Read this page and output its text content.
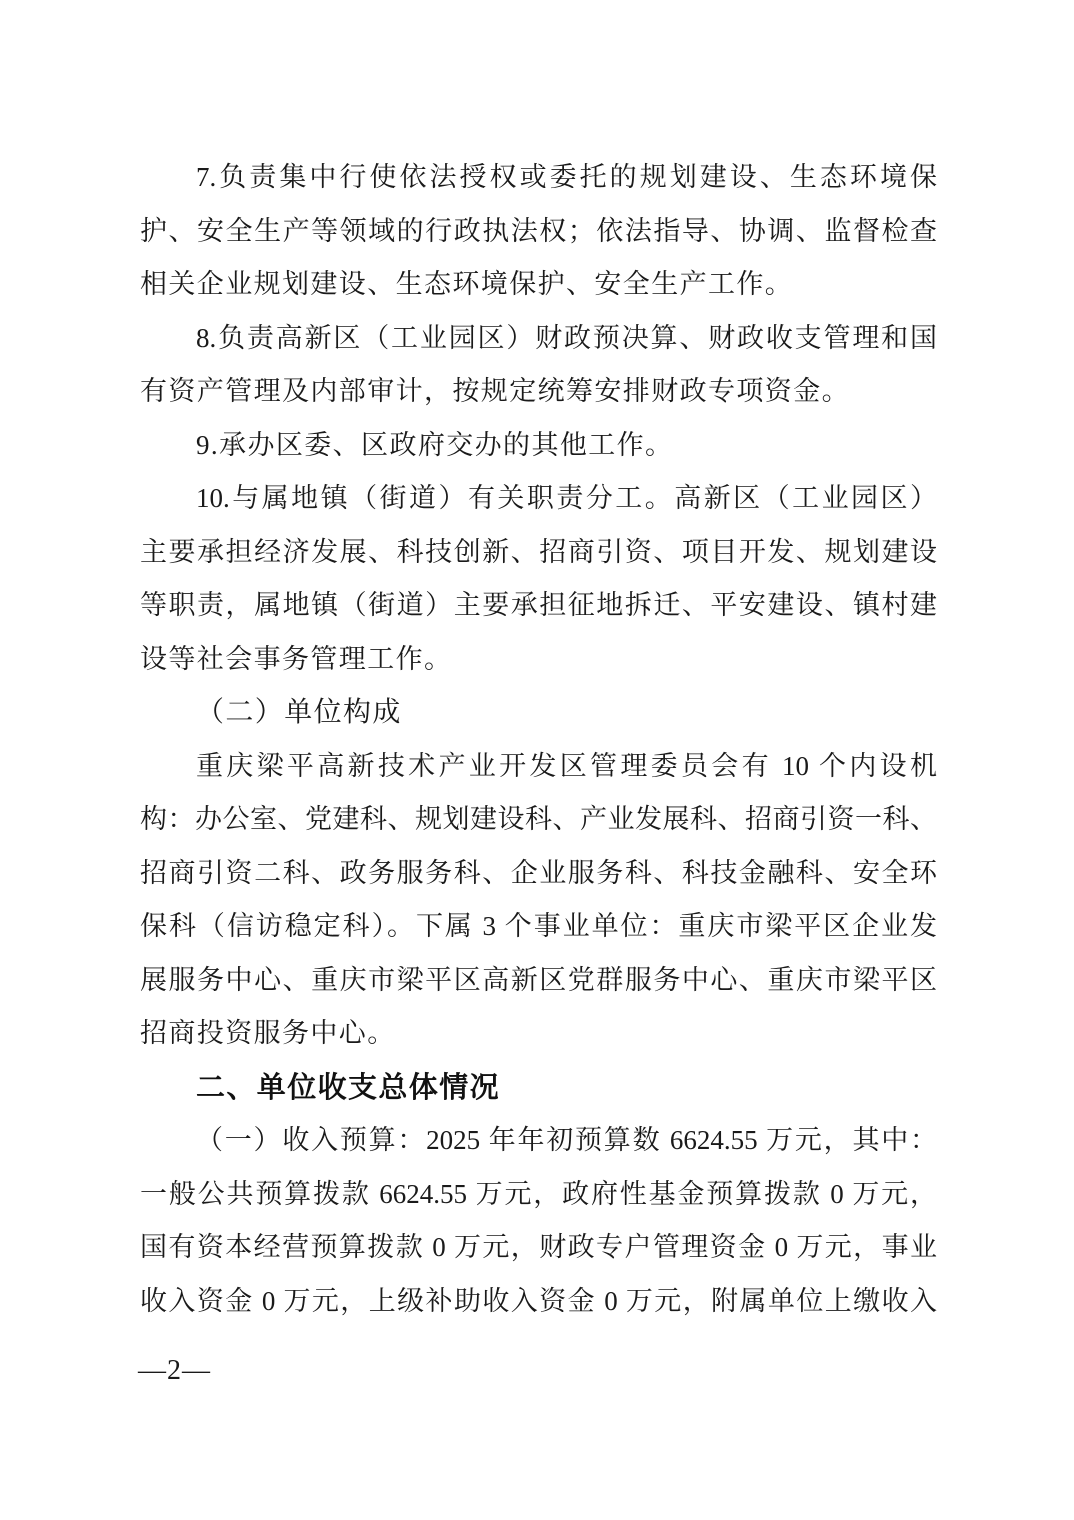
7.负责集中行使依法授权或委托的规划建设、生态环境保
护、安全生产等领域的行政执法权；依法指导、协调、监督检查
相关企业规划建设、生态环境保护、安全生产工作。
8.负责高新区（工业园区）财政预决算、财政收支管理和国
有资产管理及内部审计，按规定统筹安排财政专项资金。
9.承办区委、区政府交办的其他工作。
10.与属地镇（街道）有关职责分工。高新区（工业园区）
主要承担经济发展、科技创新、招商引资、项目开发、规划建设
等职责，属地镇（街道）主要承担征地拆迁、平安建设、镇村建
设等社会事务管理工作。
（二）单位构成
重庆梁平高新技术产业开发区管理委员会有 10 个内设机
构：办公室、党建科、规划建设科、产业发展科、招商引资一科、
招商引资二科、政务服务科、企业服务科、科技金融科、安全环
保科（信访稳定科）。下属 3 个事业单位：重庆市梁平区企业发
展服务中心、重庆市梁平区高新区党群服务中心、重庆市梁平区
招商投资服务中心。
二、单位收支总体情况
（一）收入预算：2025 年年初预算数 6624.55 万元，其中：
一般公共预算拨款 6624.55 万元，政府性基金预算拨款 0 万元，
国有资本经营预算拨款 0 万元，财政专户管理资金 0 万元，事业
收入资金 0 万元，上级补助收入资金 0 万元，附属单位上缴收入
—2—
